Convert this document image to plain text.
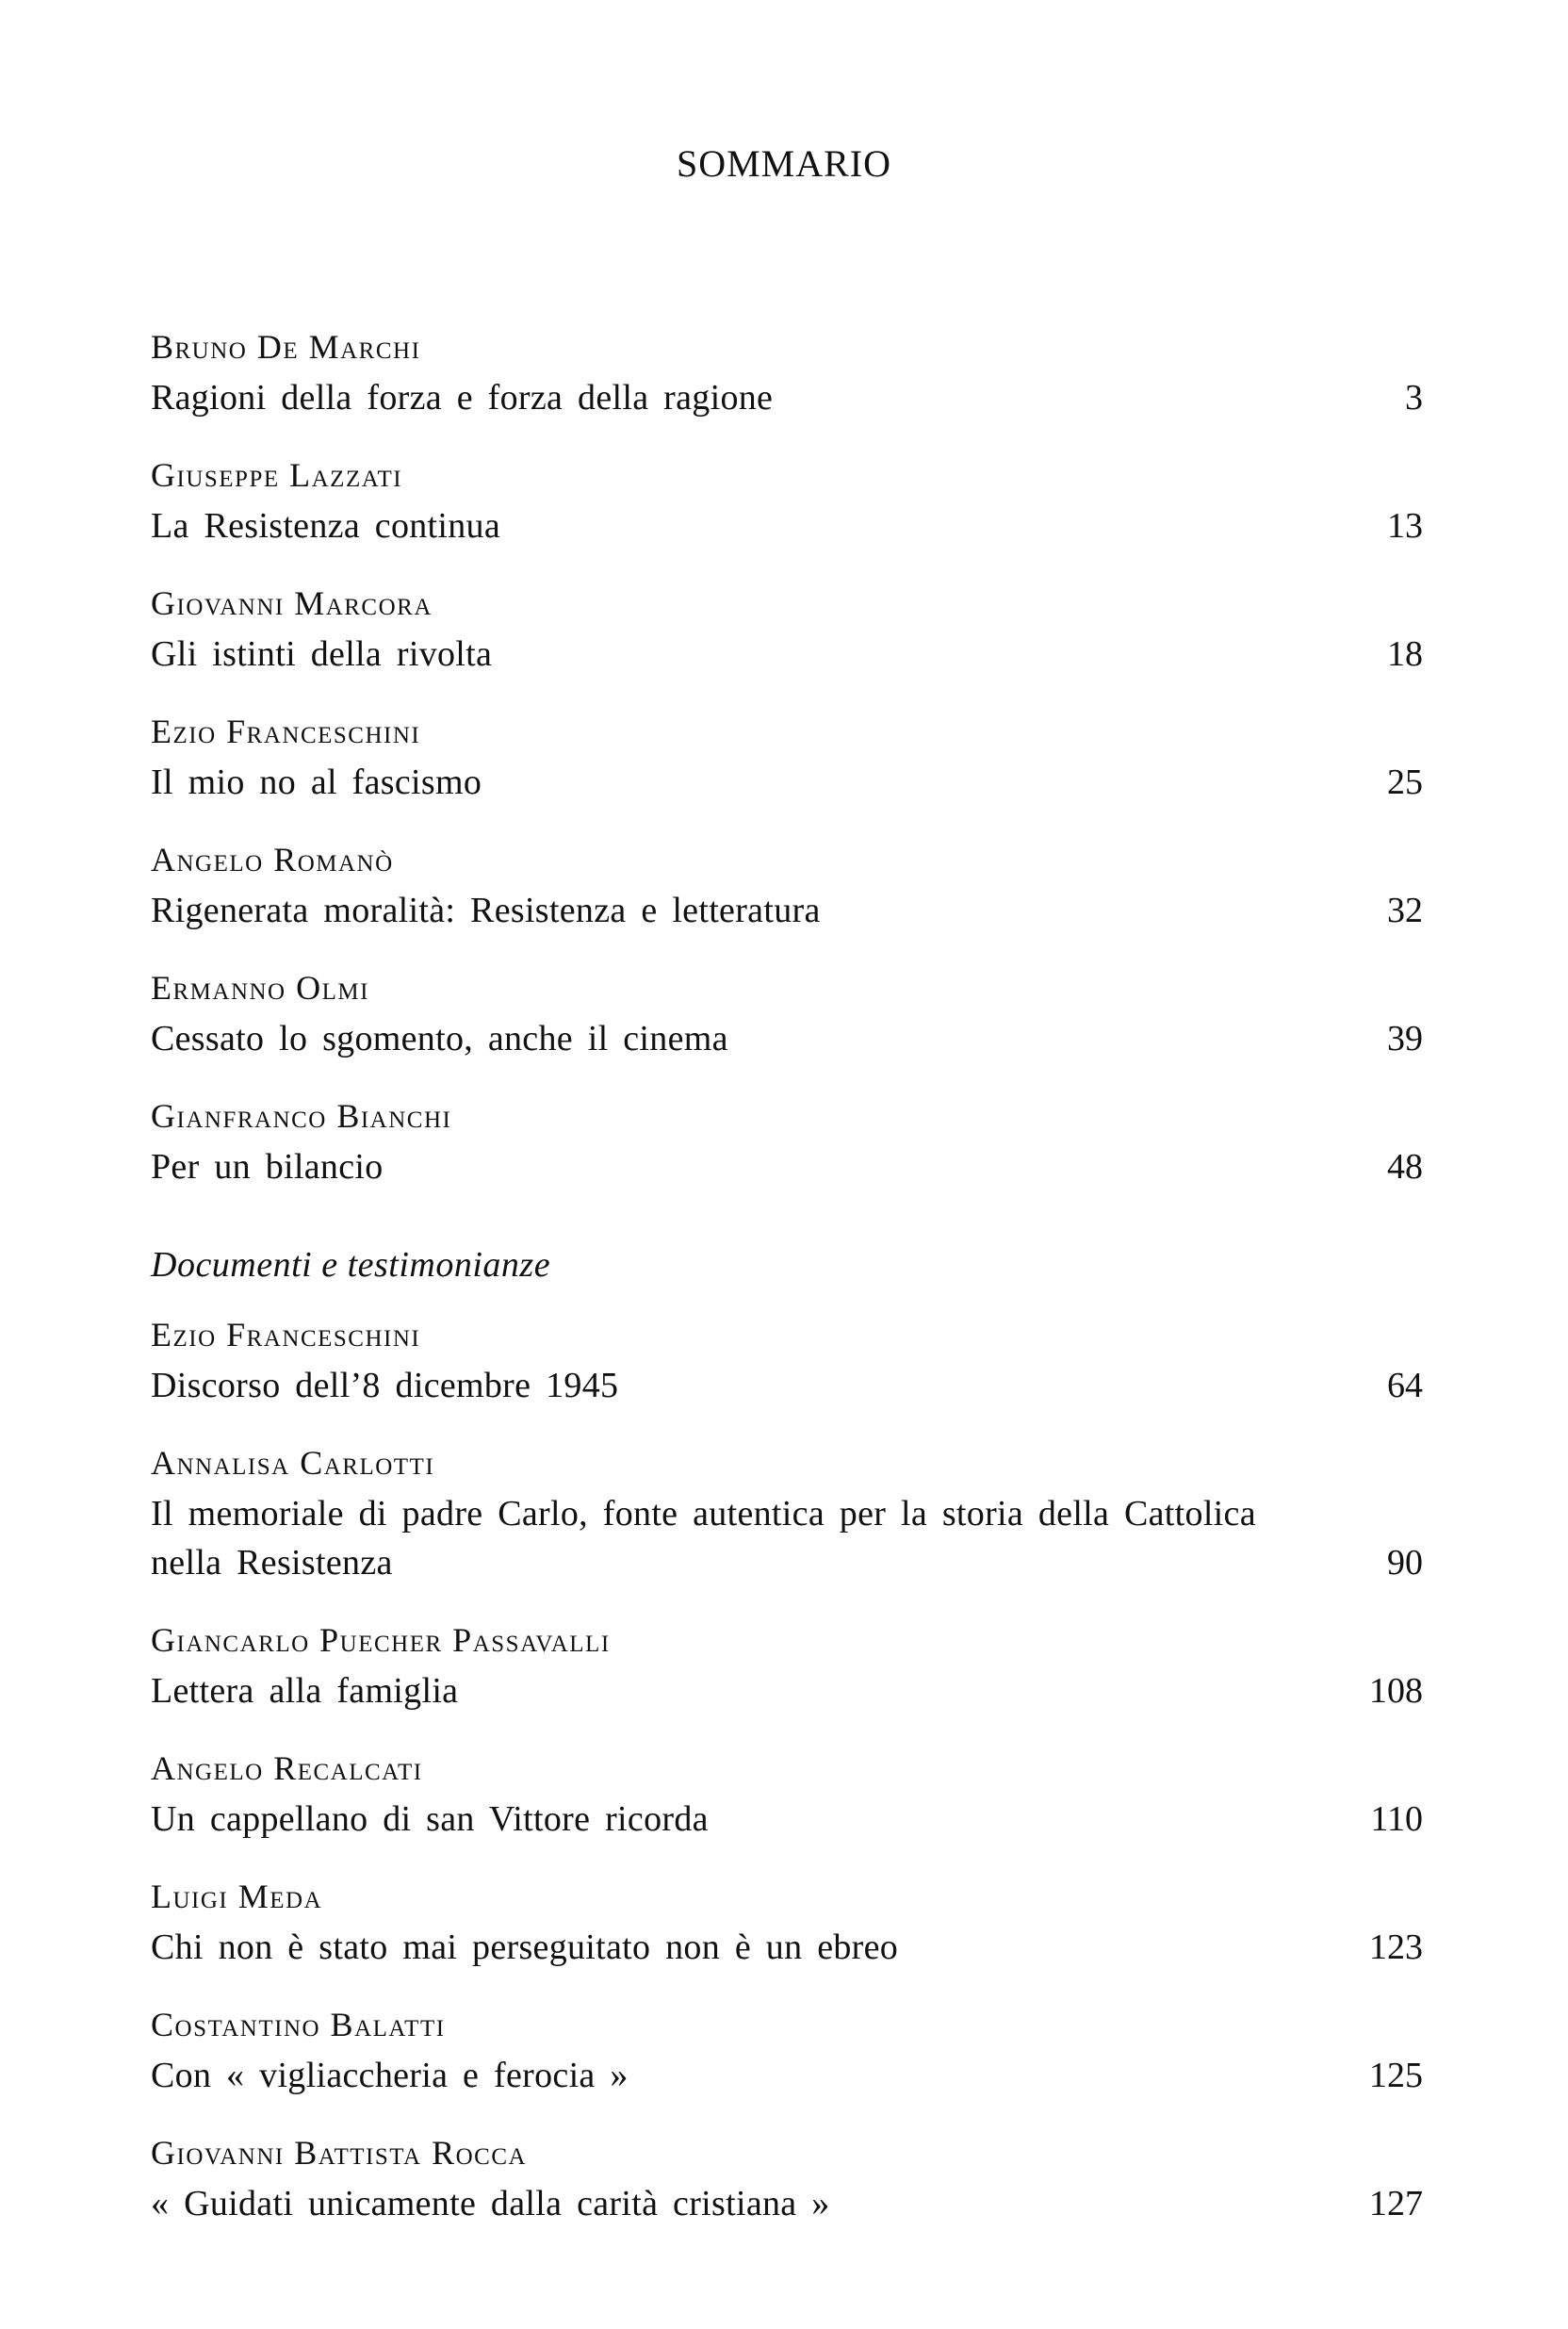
SOMMARIO
Bruno De Marchi
Ragioni della forza e forza della ragione	3
Giuseppe Lazzati
La Resistenza continua	13
Giovanni Marcora
Gli istinti della rivolta	18
Ezio Franceschini
Il mio no al fascismo	25
Angelo Romanò
Rigenerata moralità: Resistenza e letteratura	32
Ermanno Olmi
Cessato lo sgomento, anche il cinema	39
Gianfranco Bianchi
Per un bilancio	48
Documenti e testimonianze
Ezio Franceschini
Discorso dell’8 dicembre 1945	64
Annalisa Carlotti
Il memoriale di padre Carlo, fonte autentica per la storia della Cattolica nella Resistenza	90
Giancarlo Puecher Passavalli
Lettera alla famiglia	108
Angelo Recalcati
Un cappellano di san Vittore ricorda	110
Luigi Meda
Chi non è stato mai perseguitato non è un ebreo	123
Costantino Balatti
Con « vigliaccheria e ferocia »	125
Giovanni Battista Rocca
« Guidati unicamente dalla carità cristiana »	127
